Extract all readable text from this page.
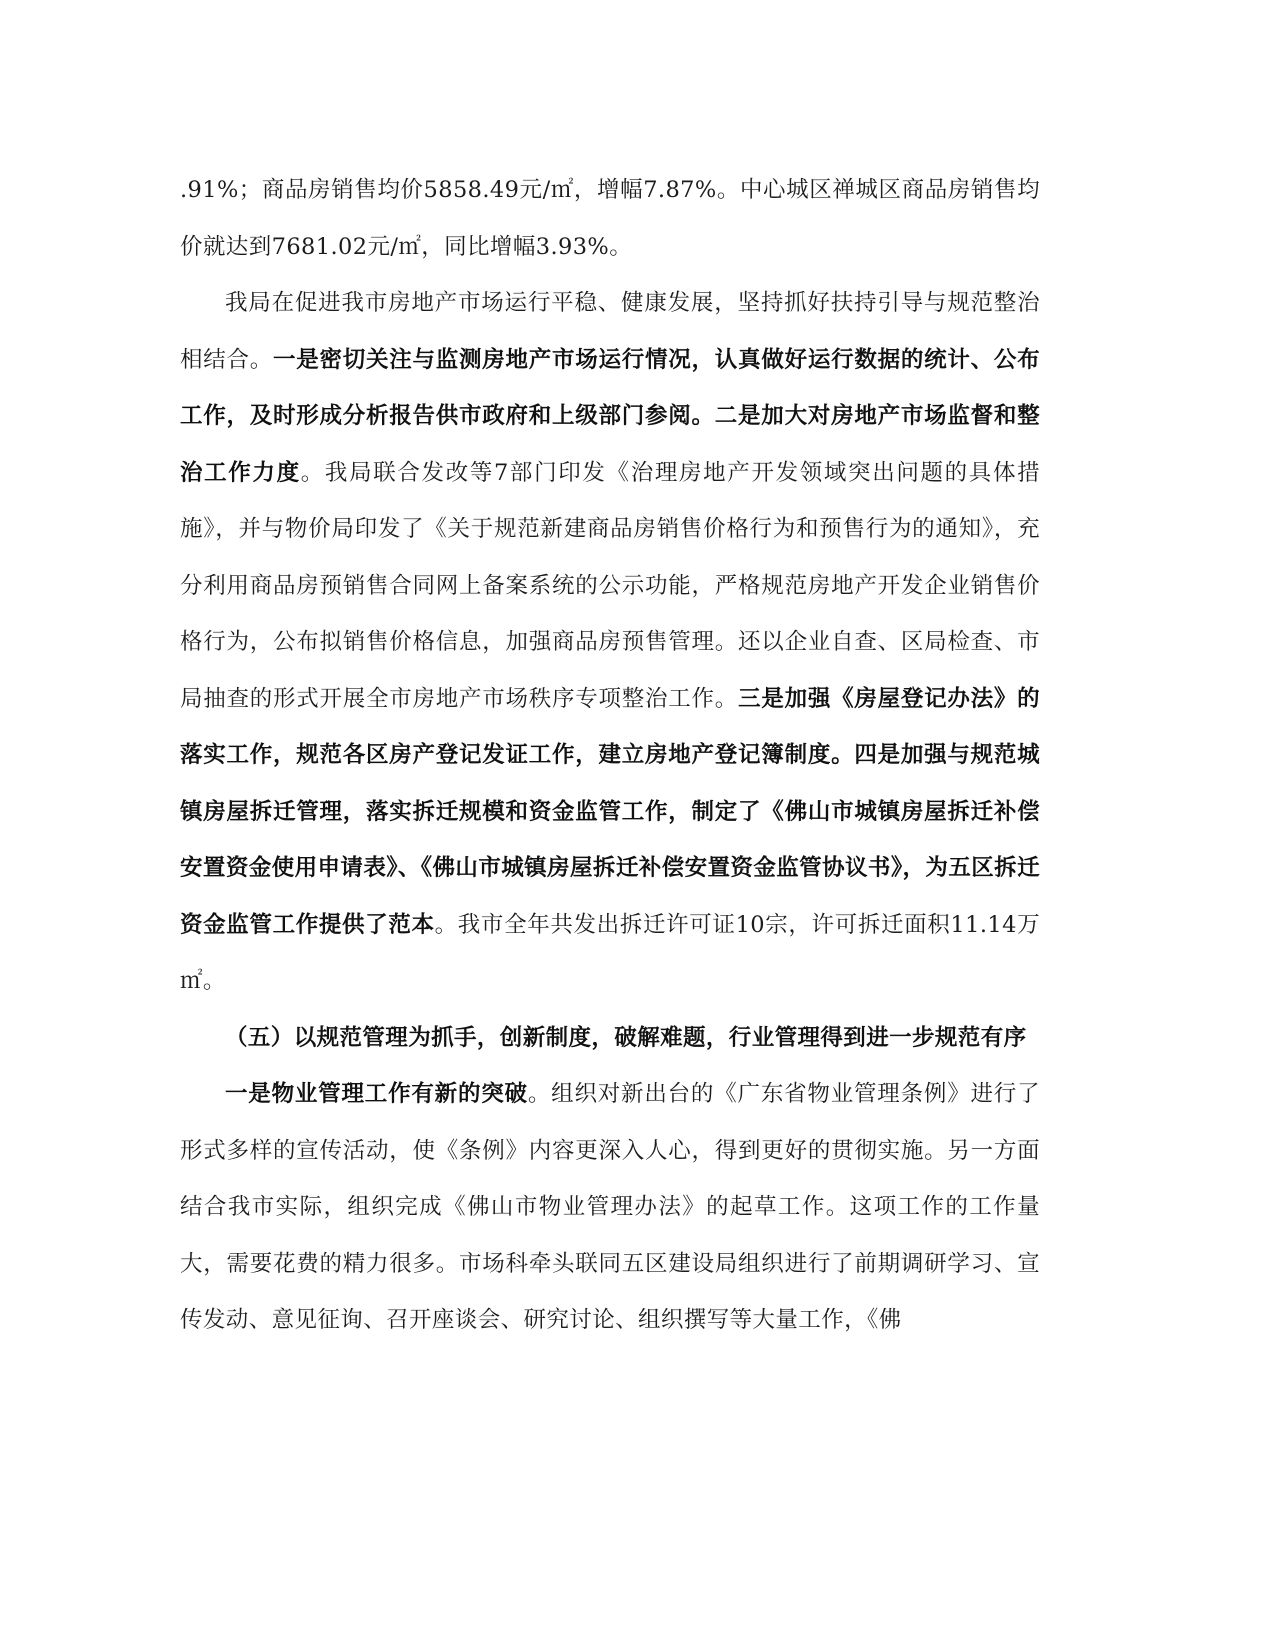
.91%；商品房销售均价5858.49元/㎡，增幅7.87%。中心城区禅城区商品房销售均价就达到7681.02元/㎡，同比增幅3.93%。

我局在促进我市房地产市场运行平稳、健康发展，坚持抓好扶持引导与规范整治相结合。一是密切关注与监测房地产市场运行情况，认真做好运行数据的统计、公布工作，及时形成分析报告供市政府和上级部门参阅。二是加大对房地产市场监督和整治工作力度。我局联合发改等7部门印发《治理房地产开发领域突出问题的具体措施》，并与物价局印发了《关于规范新建商品房销售价格行为和预售行为的通知》，充分利用商品房预销售合同网上备案系统的公示功能，严格规范房地产开发企业销售价格行为，公布拟销售价格信息，加强商品房预售管理。还以企业自查、区局检查、市局抽查的形式开展全市房地产市场秩序专项整治工作。三是加强《房屋登记办法》的落实工作，规范各区房产登记发证工作，建立房地产登记簿制度。四是加强与规范城镇房屋拆迁管理，落实拆迁规模和资金监管工作，制定了《佛山市城镇房屋拆迁补偿安置资金使用申请表》、《佛山市城镇房屋拆迁补偿安置资金监管协议书》，为五区拆迁资金监管工作提供了范本。我市全年共发出拆迁许可证10宗，许可拆迁面积11.14万㎡。

（五）以规范管理为抓手，创新制度，破解难题，行业管理得到进一步规范有序

一是物业管理工作有新的突破。组织对新出台的《广东省物业管理条例》进行了形式多样的宣传活动，使《条例》内容更深入人心，得到更好的贯彻实施。另一方面结合我市实际，组织完成《佛山市物业管理办法》的起草工作。这项工作的工作量大，需要花费的精力很多。市场科牵头联同五区建设局组织进行了前期调研学习、宣传发动、意见征询、召开座谈会、研究讨论、组织撰写等大量工作，《佛
